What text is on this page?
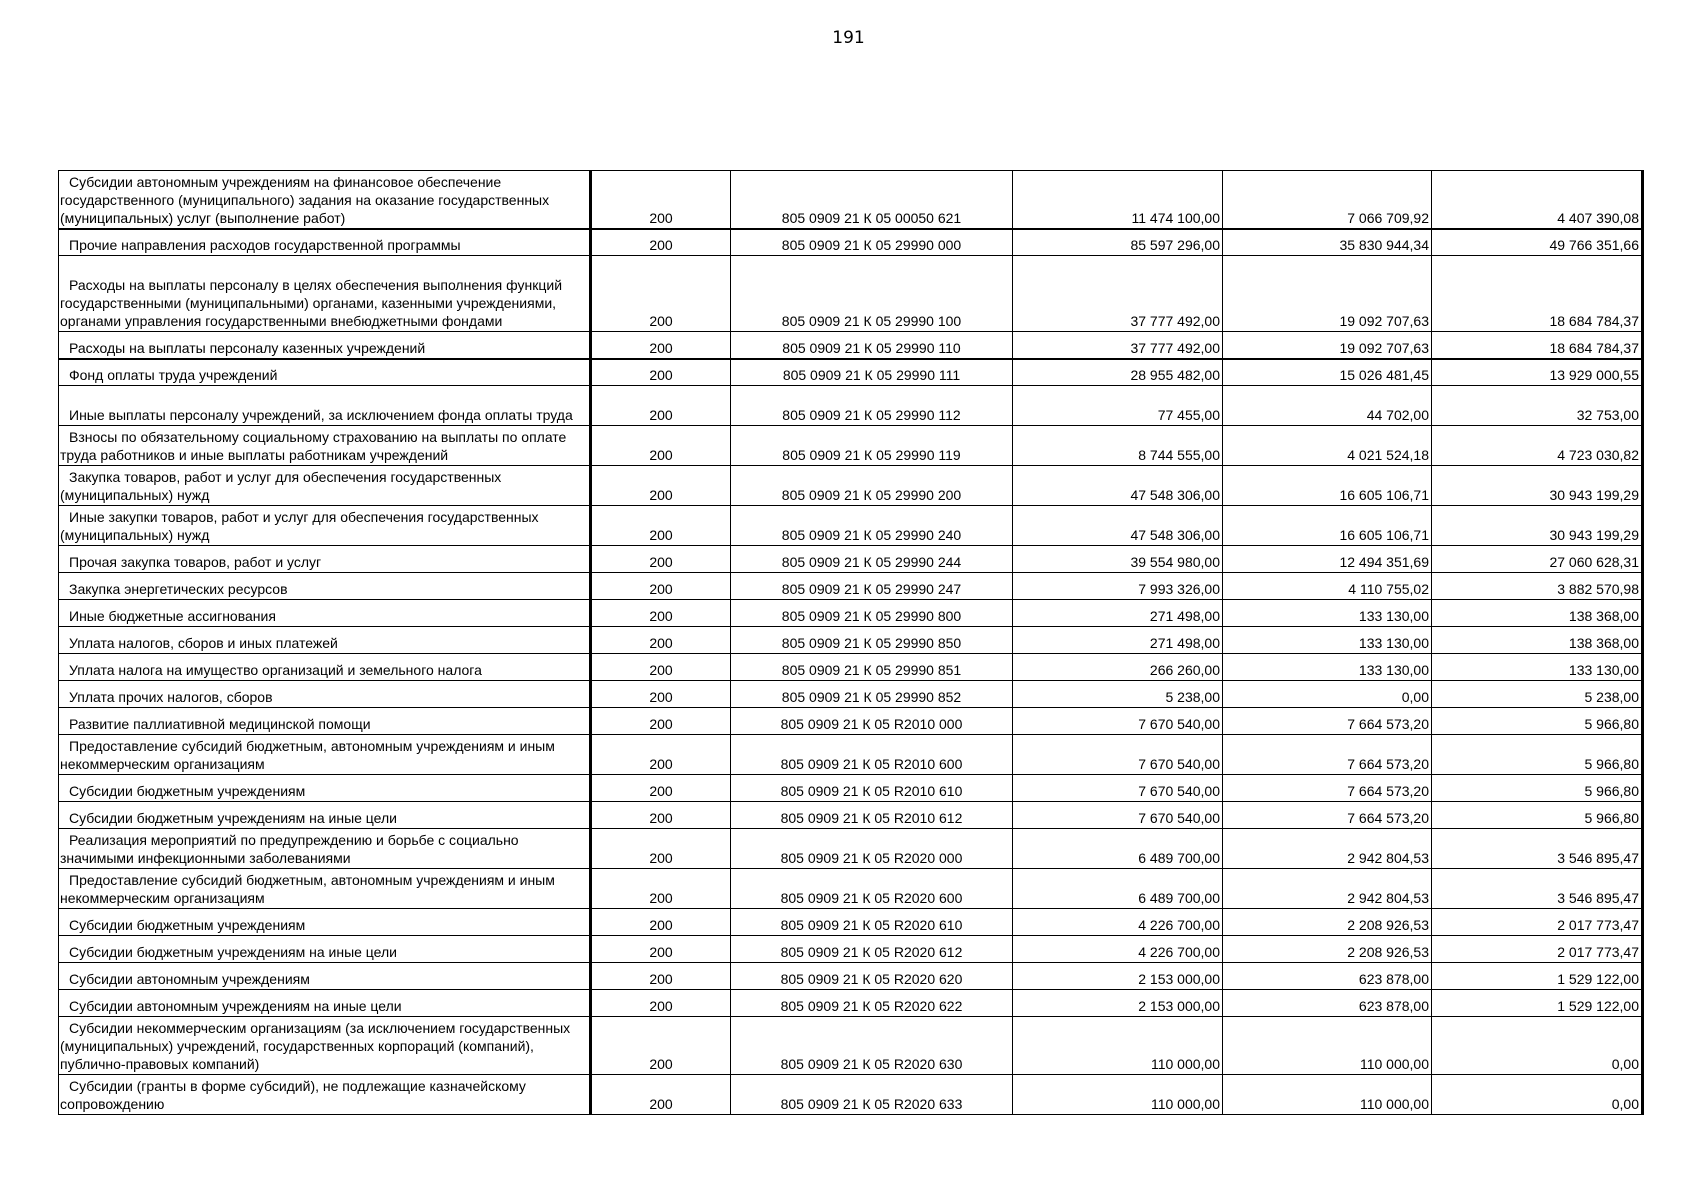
191
Субсидии автономным учреждениям на финансовое обеспечение государственного (муниципального) задания на оказание государственных (муниципальных) услуг (выполнение работ)	200	805 0909 21 К 05 00050 621	11 474 100,00	7 066 709,92	4 407 390,08
Прочие направления расходов государственной программы	200	805 0909 21 К 05 29990 000	85 597 296,00	35 830 944,34	49 766 351,66
Расходы на выплаты персоналу в целях обеспечения выполнения функций государственными (муниципальными) органами, казенными учреждениями, органами управления государственными внебюджетными фондами	200	805 0909 21 К 05 29990 100	37 777 492,00	19 092 707,63	18 684 784,37
Расходы на выплаты персоналу казенных учреждений	200	805 0909 21 К 05 29990 110	37 777 492,00	19 092 707,63	18 684 784,37
Фонд оплаты труда учреждений	200	805 0909 21 К 05 29990 111	28 955 482,00	15 026 481,45	13 929 000,55
Иные выплаты персоналу учреждений, за исключением фонда оплаты труда	200	805 0909 21 К 05 29990 112	77 455,00	44 702,00	32 753,00
Взносы по обязательному социальному страхованию на выплаты по оплате труда работников и иные выплаты работникам учреждений	200	805 0909 21 К 05 29990 119	8 744 555,00	4 021 524,18	4 723 030,82
Закупка товаров, работ и услуг для обеспечения государственных (муниципальных) нужд	200	805 0909 21 К 05 29990 200	47 548 306,00	16 605 106,71	30 943 199,29
Иные закупки товаров, работ и услуг для обеспечения государственных (муниципальных) нужд	200	805 0909 21 К 05 29990 240	47 548 306,00	16 605 106,71	30 943 199,29
Прочая закупка товаров, работ и услуг	200	805 0909 21 К 05 29990 244	39 554 980,00	12 494 351,69	27 060 628,31
Закупка энергетических ресурсов	200	805 0909 21 К 05 29990 247	7 993 326,00	4 110 755,02	3 882 570,98
Иные бюджетные ассигнования	200	805 0909 21 К 05 29990 800	271 498,00	133 130,00	138 368,00
Уплата налогов, сборов и иных платежей	200	805 0909 21 К 05 29990 850	271 498,00	133 130,00	138 368,00
Уплата налога на имущество организаций и земельного налога	200	805 0909 21 К 05 29990 851	266 260,00	133 130,00	133 130,00
Уплата прочих налогов, сборов	200	805 0909 21 К 05 29990 852	5 238,00	0,00	5 238,00
Развитие паллиативной медицинской помощи	200	805 0909 21 К 05 R2010 000	7 670 540,00	7 664 573,20	5 966,80
Предоставление субсидий бюджетным, автономным учреждениям и иным некоммерческим организациям	200	805 0909 21 К 05 R2010 600	7 670 540,00	7 664 573,20	5 966,80
Субсидии бюджетным учреждениям	200	805 0909 21 К 05 R2010 610	7 670 540,00	7 664 573,20	5 966,80
Субсидии бюджетным учреждениям на иные цели	200	805 0909 21 К 05 R2010 612	7 670 540,00	7 664 573,20	5 966,80
Реализация мероприятий по предупреждению и борьбе с социально значимыми инфекционными заболеваниями	200	805 0909 21 К 05 R2020 000	6 489 700,00	2 942 804,53	3 546 895,47
Предоставление субсидий бюджетным, автономным учреждениям и иным некоммерческим организациям	200	805 0909 21 К 05 R2020 600	6 489 700,00	2 942 804,53	3 546 895,47
Субсидии бюджетным учреждениям	200	805 0909 21 К 05 R2020 610	4 226 700,00	2 208 926,53	2 017 773,47
Субсидии бюджетным учреждениям на иные цели	200	805 0909 21 К 05 R2020 612	4 226 700,00	2 208 926,53	2 017 773,47
Субсидии автономным учреждениям	200	805 0909 21 К 05 R2020 620	2 153 000,00	623 878,00	1 529 122,00
Субсидии автономным учреждениям на иные цели	200	805 0909 21 К 05 R2020 622	2 153 000,00	623 878,00	1 529 122,00
Субсидии некоммерческим организациям (за исключением государственных (муниципальных) учреждений, государственных корпораций (компаний), публично-правовых компаний)	200	805 0909 21 К 05 R2020 630	110 000,00	110 000,00	0,00
Субсидии (гранты в форме субсидий), не подлежащие казначейскому сопровождению	200	805 0909 21 К 05 R2020 633	110 000,00	110 000,00	0,00
